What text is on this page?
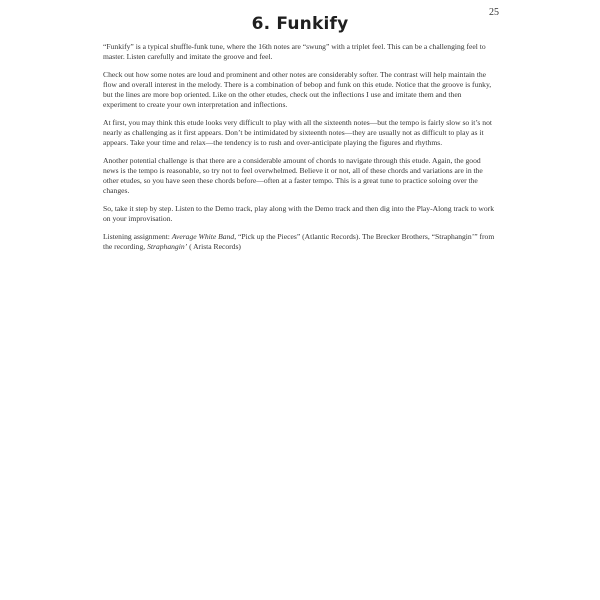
25
6. Funkify

“Funkify” is a typical shuffle-funk tune, where the 16th notes are “swung” with a triplet feel. This can be a challenging feel to master. Listen carefully and imitate the groove and feel.

Check out how some notes are loud and prominent and other notes are considerably softer. The contrast will help maintain the flow and overall interest in the melody. There is a combination of bebop and funk on this etude. Notice that the groove is funky, but the lines are more bop oriented. Like on the other etudes, check out the inflections I use and imitate them and then experiment to create your own interpretation and inflections.

At first, you may think this etude looks very difficult to play with all the sixteenth notes—but the tempo is fairly slow so it’s not nearly as challenging as it first appears. Don’t be intimidated by sixteenth notes—they are usually not as difficult to play as it appears. Take your time and relax—the tendency is to rush and over-anticipate playing the figures and rhythms.

Another potential challenge is that there are a considerable amount of chords to navigate through this etude. Again, the good news is the tempo is reasonable, so try not to feel overwhelmed. Believe it or not, all of these chords and variations are in the other etudes, so you have seen these chords before—often at a faster tempo. This is a great tune to practice soloing over the changes.

So, take it step by step. Listen to the Demo track, play along with the Demo track and then dig into the Play-Along track to work on your improvisation.

Listening assignment: Average White Band, “Pick up the Pieces” (Atlantic Records). The Brecker Brothers, “Straphangin’” from the recording, Straphangin’ ( Arista Records)
